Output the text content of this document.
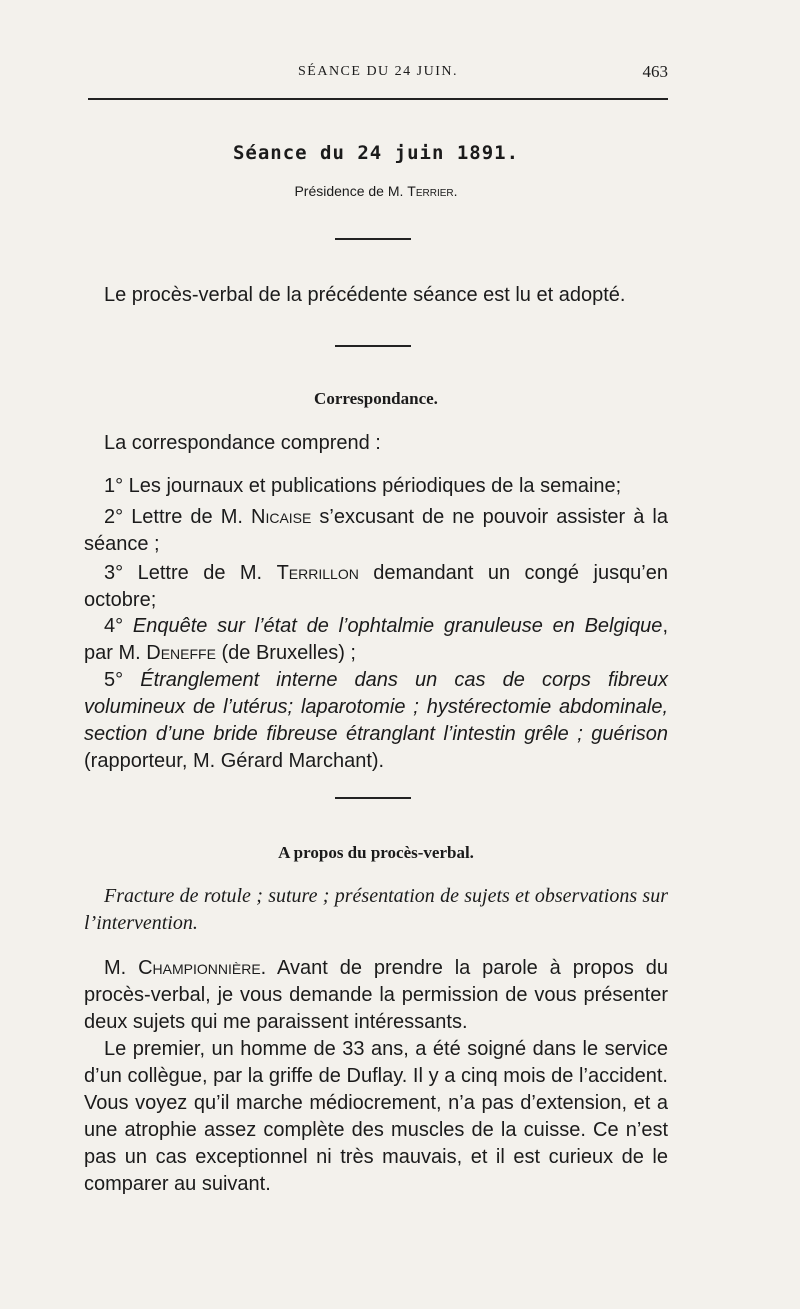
SÉANCE DU 24 JUIN.	463
Séance du 24 juin 1891.
Présidence de M. Terrier.
Le procès-verbal de la précédente séance est lu et adopté.
Correspondance.
La correspondance comprend :
1° Les journaux et publications périodiques de la semaine;
2° Lettre de M. Nicaise s’excusant de ne pouvoir assister à la séance ;
3° Lettre de M. Terrillon demandant un congé jusqu’en octobre;
4° Enquête sur l’état de l’ophtalmie granuleuse en Belgique, par M. Deneffe (de Bruxelles) ;
5° Étranglement interne dans un cas de corps fibreux volumineux de l’utérus; laparotomie ; hystérectomie abdominale, section d’une bride fibreuse étranglant l’intestin grêle ; guérison (rapporteur, M. Gérard Marchant).
A propos du procès-verbal.
Fracture de rotule ; suture ; présentation de sujets et observations sur l’intervention.
M. Championnière. Avant de prendre la parole à propos du procès-verbal, je vous demande la permission de vous présenter deux sujets qui me paraissent intéressants.
Le premier, un homme de 33 ans, a été soigné dans le service d’un collègue, par la griffe de Duflay. Il y a cinq mois de l’accident. Vous voyez qu’il marche médiocrement, n’a pas d’extension, et a une atrophie assez complète des muscles de la cuisse. Ce n’est pas un cas exceptionnel ni très mauvais, et il est curieux de le comparer au suivant.
